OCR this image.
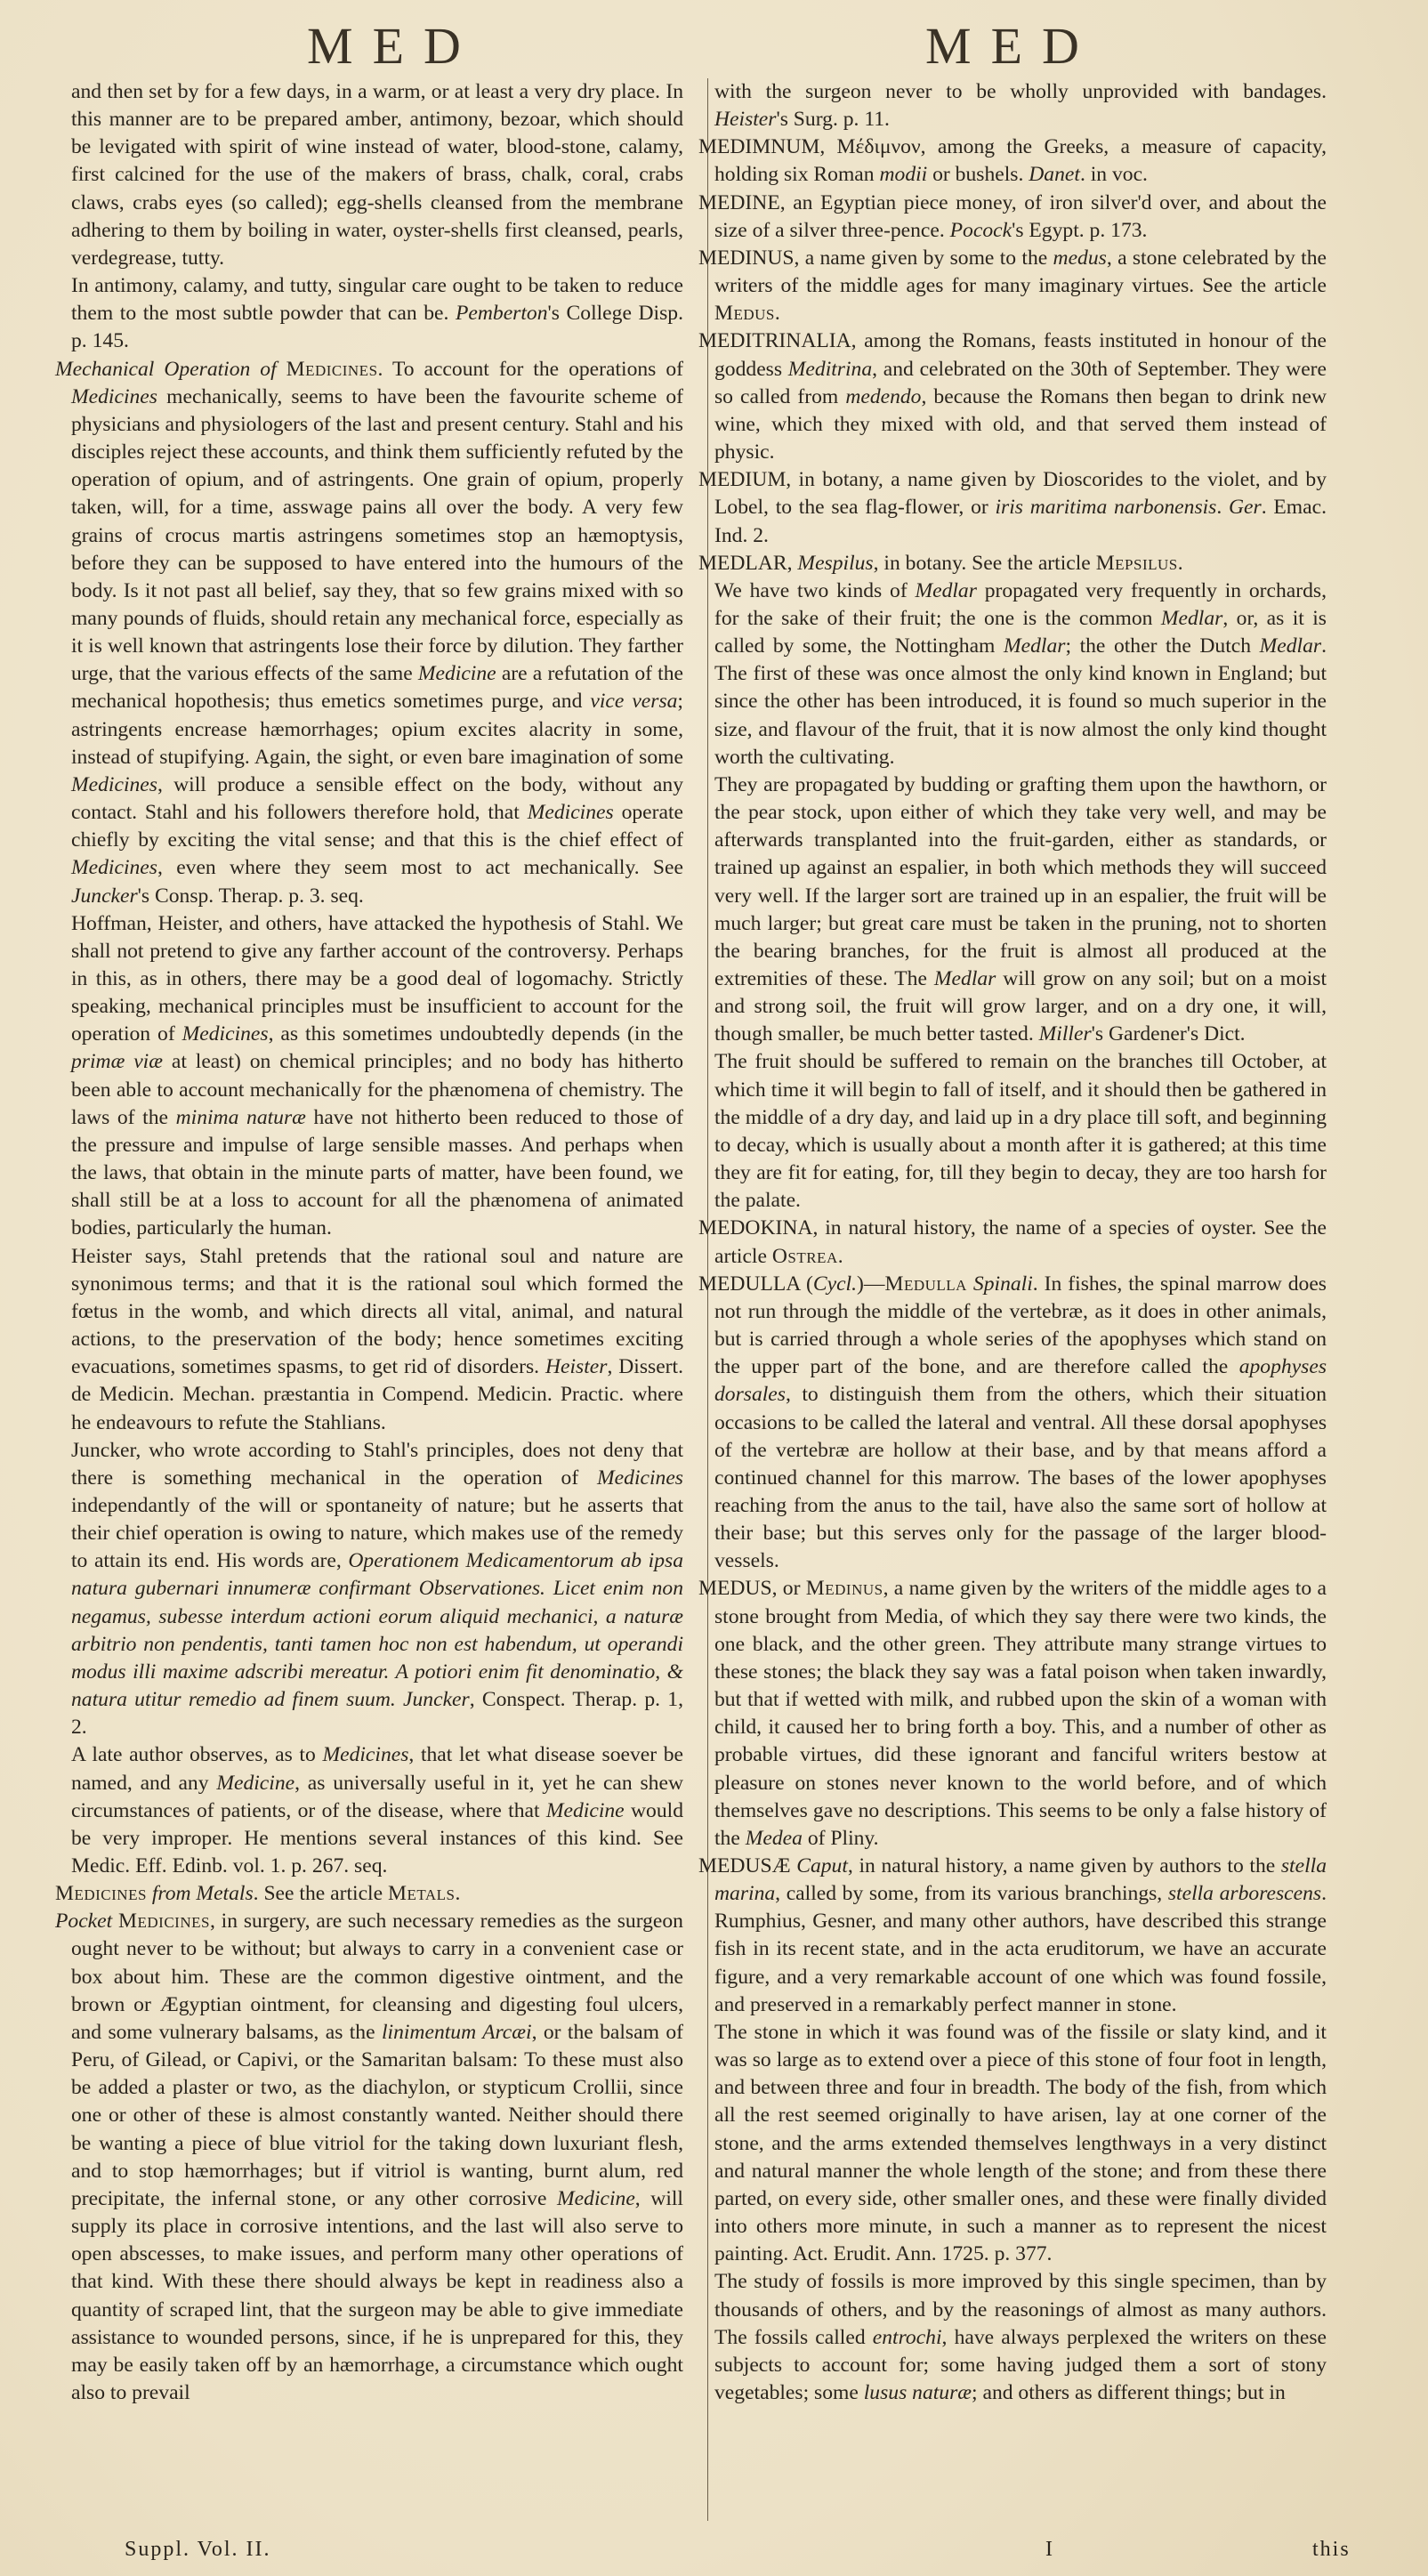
MED	MED

and then set by for a few days, in a warm, or at least a very dry place. In this manner are to be prepared amber, antimony, bezoar, which should be levigated with spirit of wine instead of water, blood-stone, calamy, first calcined for the use of the makers of brass, chalk, coral, crabs claws, crabs eyes (so called); egg-shells cleansed from the membrane adhering to them by boiling in water, oyster-shells first cleansed, pearls, verdegrease, tutty.

In antimony, calamy, and tutty, singular care ought to be taken to reduce them to the most subtle powder that can be. Pemberton's College Disp. p. 145.

Mechanical Operation of Medicines. To account for the operations of Medicines mechanically, seems to have been the favourite scheme of physicians and physiologers of the last and present century. Stahl and his disciples reject these accounts, and think them sufficiently refuted by the operation of opium, and of astringents. One grain of opium, properly taken, will, for a time, asswage pains all over the body. A very few grains of crocus martis astringens sometimes stop an hæmoptysis, before they can be supposed to have entered into the humours of the body. Is it not past all belief, say they, that so few grains mixed with so many pounds of fluids, should retain any mechanical force, especially as it is well known that astringents lose their force by dilution. They farther urge, that the various effects of the same Medicine are a refutation of the mechanical hopothesis; thus emetics sometimes purge, and vice versa; astringents encrease hæmorrhages; opium excites alacrity in some, instead of stupifying. Again, the sight, or even bare imagination of some Medicines, will produce a sensible effect on the body, without any contact. Stahl and his followers therefore hold, that Medicines operate chiefly by exciting the vital sense; and that this is the chief effect of Medicines, even where they seem most to act mechanically. See Juncker's Consp. Therap. p. 3. seq.

Hoffman, Heister, and others, have attacked the hypothesis of Stahl. We shall not pretend to give any farther account of the controversy. Perhaps in this, as in others, there may be a good deal of logomachy. Strictly speaking, mechanical principles must be insufficient to account for the operation of Medicines, as this sometimes undoubtedly depends (in the primæ viæ at least) on chemical principles; and no body has hitherto been able to account mechanically for the phænomena of chemistry. The laws of the minima naturæ have not hitherto been reduced to those of the pressure and impulse of large sensible masses. And perhaps when the laws, that obtain in the minute parts of matter, have been found, we shall still be at a loss to account for all the phænomena of animated bodies, particularly the human.

Heister says, Stahl pretends that the rational soul and nature are synonimous terms; and that it is the rational soul which formed the fœtus in the womb, and which directs all vital, animal, and natural actions, to the preservation of the body; hence sometimes exciting evacuations, sometimes spasms, to get rid of disorders. Heister, Dissert. de Medicin. Mechan. præstantia in Compend. Medicin. Practic. where he endeavours to refute the Stahlians.

Juncker, who wrote according to Stahl's principles, does not deny that there is something mechanical in the operation of Medicines independantly of the will or spontaneity of nature; but he asserts that their chief operation is owing to nature, which makes use of the remedy to attain its end. His words are, Operationem Medicamentorum ab ipsa natura gubernari innumeræ confirmant Observationes. Licet enim non negamus, subesse interdum actioni eorum aliquid mechanici, a naturæ arbitrio non pendentis, tanti tamen hoc non est habendum, ut operandi modus illi maxime adscribi mereatur. A potiori enim fit denominatio, & natura utitur remedio ad finem suum. Juncker, Conspect. Therap. p. 1, 2.

A late author observes, as to Medicines, that let what disease soever be named, and any Medicine, as universally useful in it, yet he can shew circumstances of patients, or of the disease, where that Medicine would be very improper. He mentions several instances of this kind. See Medic. Eff. Edinb. vol. 1. p. 267. seq.

Medicines from Metals. See the article Metals.

Pocket Medicines, in surgery, are such necessary remedies as the surgeon ought never to be without; but always to carry in a convenient case or box about him. These are the common digestive ointment, and the brown or Ægyptian ointment, for cleansing and digesting foul ulcers, and some vulnerary balsams, as the linimentum Arcæi, or the balsam of Peru, of Gilead, or Capivi, or the Samaritan balsam: To these must also be added a plaster or two, as the diachylon, or stypticum Crollii, since one or other of these is almost constantly wanted. Neither should there be wanting a piece of blue vitriol for the taking down luxuriant flesh, and to stop hæmorrhages; but if vitriol is wanting, burnt alum, red precipitate, the infernal stone, or any other corrosive Medicine, will supply its place in corrosive intentions, and the last will also serve to open abscesses, to make issues, and perform many other operations of that kind. With these there should always be kept in readiness also a quantity of scraped lint, that the surgeon may be able to give immediate assistance to wounded persons, since, if he is unprepared for this, they may be easily taken off by an hæmorrhage, a circumstance which ought also to prevail

with the surgeon never to be wholly unprovided with bandages. Heister's Surg. p. 11.

MEDIMNUM, Μέδιμνον, among the Greeks, a measure of capacity, holding six Roman modii or bushels. Danet. in voc.

MEDINE, an Egyptian piece money, of iron silver'd over, and about the size of a silver three-pence. Pocock's Egypt. p. 173.

MEDINUS, a name given by some to the medus, a stone celebrated by the writers of the middle ages for many imaginary virtues. See the article Medus.

MEDITRINALIA, among the Romans, feasts instituted in honour of the goddess Meditrina, and celebrated on the 30th of September. They were so called from medendo, because the Romans then began to drink new wine, which they mixed with old, and that served them instead of physic.

MEDIUM, in botany, a name given by Dioscorides to the violet, and by Lobel, to the sea flag-flower, or iris maritima narbonensis. Ger. Emac. Ind. 2.

MEDLAR, Mespilus, in botany. See the article Mepsilus.

We have two kinds of Medlar propagated very frequently in orchards, for the sake of their fruit; the one is the common Medlar, or, as it is called by some, the Nottingham Medlar; the other the Dutch Medlar. The first of these was once almost the only kind known in England; but since the other has been introduced, it is found so much superior in the size, and flavour of the fruit, that it is now almost the only kind thought worth the cultivating.

They are propagated by budding or grafting them upon the hawthorn, or the pear stock, upon either of which they take very well, and may be afterwards transplanted into the fruit-garden, either as standards, or trained up against an espalier, in both which methods they will succeed very well. If the larger sort are trained up in an espalier, the fruit will be much larger; but great care must be taken in the pruning, not to shorten the bearing branches, for the fruit is almost all produced at the extremities of these. The Medlar will grow on any soil; but on a moist and strong soil, the fruit will grow larger, and on a dry one, it will, though smaller, be much better tasted. Miller's Gardener's Dict.

The fruit should be suffered to remain on the branches till October, at which time it will begin to fall of itself, and it should then be gathered in the middle of a dry day, and laid up in a dry place till soft, and beginning to decay, which is usually about a month after it is gathered; at this time they are fit for eating, for, till they begin to decay, they are too harsh for the palate.

MEDOKINA, in natural history, the name of a species of oyster. See the article Ostrea.

MEDULLA (Cycl.)—Medulla Spinali. In fishes, the spinal marrow does not run through the middle of the vertebræ, as it does in other animals, but is carried through a whole series of the apophyses which stand on the upper part of the bone, and are therefore called the apophyses dorsales, to distinguish them from the others, which their situation occasions to be called the lateral and ventral. All these dorsal apophyses of the vertebræ are hollow at their base, and by that means afford a continued channel for this marrow. The bases of the lower apophyses reaching from the anus to the tail, have also the same sort of hollow at their base; but this serves only for the passage of the larger blood-vessels.

MEDUS, or Medinus, a name given by the writers of the middle ages to a stone brought from Media, of which they say there were two kinds, the one black, and the other green. They attribute many strange virtues to these stones; the black they say was a fatal poison when taken inwardly, but that if wetted with milk, and rubbed upon the skin of a woman with child, it caused her to bring forth a boy. This, and a number of other as probable virtues, did these ignorant and fanciful writers bestow at pleasure on stones never known to the world before, and of which themselves gave no descriptions. This seems to be only a false history of the Medea of Pliny.

MEDUSÆ Caput, in natural history, a name given by authors to the stella marina, called by some, from its various branchings, stella arborescens. Rumphius, Gesner, and many other authors, have described this strange fish in its recent state, and in the acta eruditorum, we have an accurate figure, and a very remarkable account of one which was found fossile, and preserved in a remarkably perfect manner in stone.

The stone in which it was found was of the fissile or slaty kind, and it was so large as to extend over a piece of this stone of four foot in length, and between three and four in breadth. The body of the fish, from which all the rest seemed originally to have arisen, lay at one corner of the stone, and the arms extended themselves lengthways in a very distinct and natural manner the whole length of the stone; and from these there parted, on every side, other smaller ones, and these were finally divided into others more minute, in such a manner as to represent the nicest painting. Act. Erudit. Ann. 1725. p. 377.

The study of fossils is more improved by this single specimen, than by thousands of others, and by the reasonings of almost as many authors. The fossils called entrochi, have always perplexed the writers on these subjects to account for; some having judged them a sort of stony vegetables; some lusus naturæ; and others as different things; but in

Suppl. Vol. II.	I	this
